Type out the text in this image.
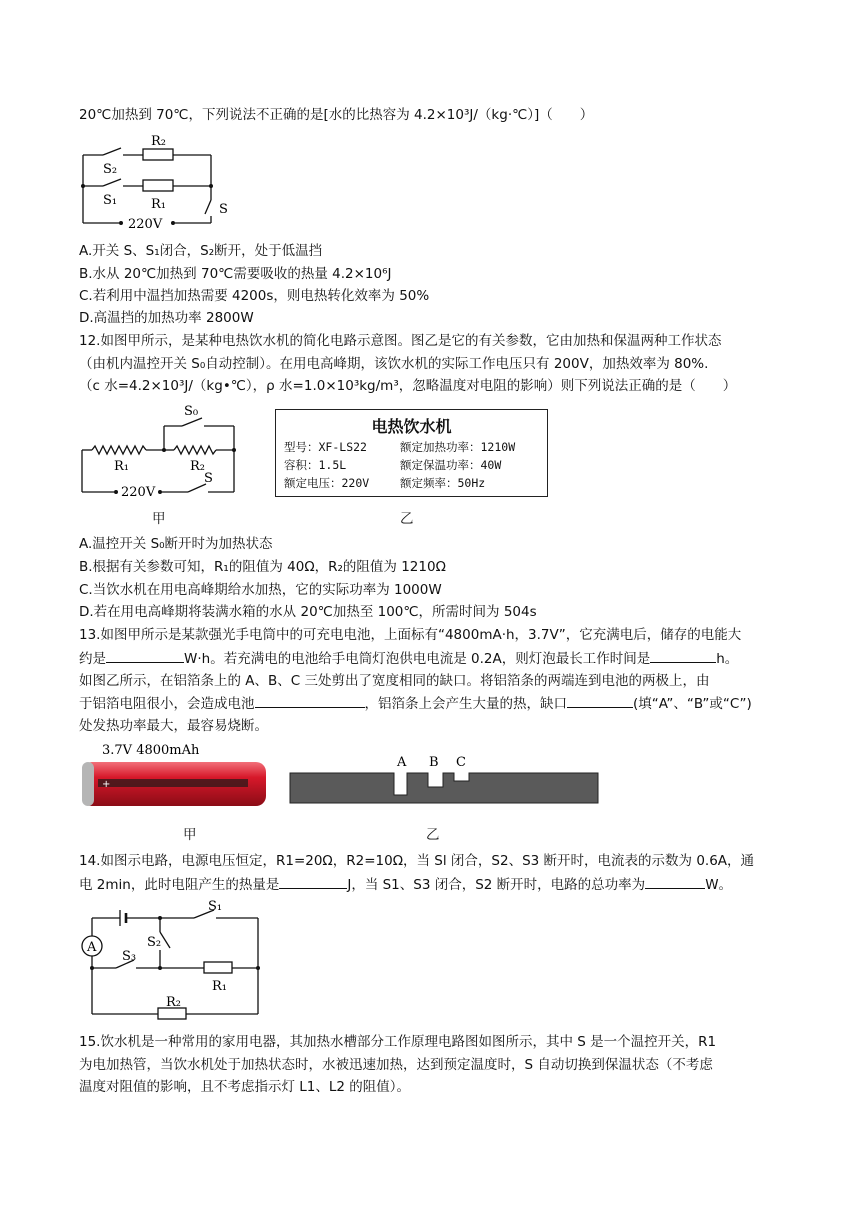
20℃加热到 70℃，下列说法不正确的是[水的比热容为 4.2×10³J/（kg·℃）]（　　）
R₂
S₂
S₁	R₁
220V
S
A.开关 S、S₁闭合，S₂断开，处于低温挡
B.水从 20℃加热到 70℃需要吸收的热量 4.2×10⁶J
C.若利用中温挡加热需要 4200s，则电热转化效率为 50%
D.高温挡的加热功率 2800W
12.如图甲所示，是某种电热饮水机的简化电路示意图。图乙是它的有关参数，它由加热和保温两种工作状态
（由机内温控开关 S₀自动控制）。在用电高峰期，该饮水机的实际工作电压只有 200V，加热效率为 80%.
（c 水=4.2×10³J/（kg•℃），ρ 水=1.0×10³kg/m³，忽略温度对电阻的影响）则下列说法正确的是（　　）
S₀
R₁	R₂
220V
S
电热饮水机
型号：XF-LS22	额定加热功率：1210W
容积：1.5L	额定保温功率：40W
额定电压：220V	额定频率：50Hz
甲	乙
A.温控开关 S₀断开时为加热状态
B.根据有关参数可知，R₁的阻值为 40Ω，R₂的阻值为 1210Ω
C.当饮水机在用电高峰期给水加热，它的实际功率为 1000W
D.若在用电高峰期将装满水箱的水从 20℃加热至 100℃，所需时间为 504s
13.如图甲所示是某款强光手电筒中的可充电电池，上面标有“4800mA·h，3.7V”，它充满电后，储存的电能大
约是	W·h。若充满电的电池给手电筒灯泡供电电流是 0.2A，则灯泡最长工作时间是	h。
如图乙所示，在铝箔条上的 A、B、C 三处剪出了宽度相同的缺口。将铝箔条的两端连到电池的两极上，由
于铝箔电阻很小，会造成电池	，铝箔条上会产生大量的热，缺口	(填“A”、“B”或“C”)
处发热功率最大，最容易烧断。
3.7V 4800mAh
+
A B C
甲	乙
14.如图示电路，电源电压恒定，R1=20Ω，R2=10Ω，当 Sl 闭合，S2、S3 断开时，电流表的示数为 0.6A，通
电 2min，此时电阻产生的热量是	J，当 S1、S3 闭合，S2 断开时，电路的总功率为	W。
A
S₁
S₂
S₃
R₁
R₂
15.饮水机是一种常用的家用电器，其加热水槽部分工作原理电路图如图所示，其中 S 是一个温控开关，R1
为电加热管，当饮水机处于加热状态时，水被迅速加热，达到预定温度时，S 自动切换到保温状态（不考虑
温度对阻值的影响，且不考虑指示灯 L1、L2 的阻值）。
